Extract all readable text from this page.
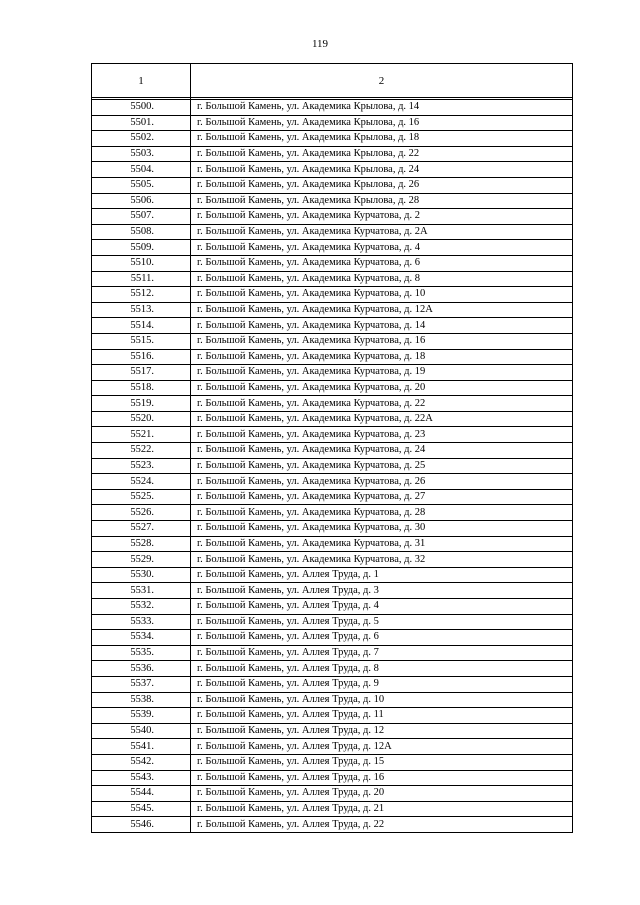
119
1	2

5500.	г. Большой Камень, ул. Академика Крылова, д. 14
5501.	г. Большой Камень, ул. Академика Крылова, д. 16
5502.	г. Большой Камень, ул. Академика Крылова, д. 18
5503.	г. Большой Камень, ул. Академика Крылова, д. 22
5504.	г. Большой Камень, ул. Академика Крылова, д. 24
5505.	г. Большой Камень, ул. Академика Крылова, д. 26
5506.	г. Большой Камень, ул. Академика Крылова, д. 28
5507.	г. Большой Камень, ул. Академика Курчатова, д. 2
5508.	г. Большой Камень, ул. Академика Курчатова, д. 2А
5509.	г. Большой Камень, ул. Академика Курчатова, д. 4
5510.	г. Большой Камень, ул. Академика Курчатова, д. 6
5511.	г. Большой Камень, ул. Академика Курчатова, д. 8
5512.	г. Большой Камень, ул. Академика Курчатова, д. 10
5513.	г. Большой Камень, ул. Академика Курчатова, д. 12А
5514.	г. Большой Камень, ул. Академика Курчатова, д. 14
5515.	г. Большой Камень, ул. Академика Курчатова, д. 16
5516.	г. Большой Камень, ул. Академика Курчатова, д. 18
5517.	г. Большой Камень, ул. Академика Курчатова, д. 19
5518.	г. Большой Камень, ул. Академика Курчатова, д. 20
5519.	г. Большой Камень, ул. Академика Курчатова, д. 22
5520.	г. Большой Камень, ул. Академика Курчатова, д. 22А
5521.	г. Большой Камень, ул. Академика Курчатова, д. 23
5522.	г. Большой Камень, ул. Академика Курчатова, д. 24
5523.	г. Большой Камень, ул. Академика Курчатова, д. 25
5524.	г. Большой Камень, ул. Академика Курчатова, д. 26
5525.	г. Большой Камень, ул. Академика Курчатова, д. 27
5526.	г. Большой Камень, ул. Академика Курчатова, д. 28
5527.	г. Большой Камень, ул. Академика Курчатова, д. 30
5528.	г. Большой Камень, ул. Академика Курчатова, д. 31
5529.	г. Большой Камень, ул. Академика Курчатова, д. 32
5530.	г. Большой Камень, ул. Аллея Труда, д. 1
5531.	г. Большой Камень, ул. Аллея Труда, д. 3
5532.	г. Большой Камень, ул. Аллея Труда, д. 4
5533.	г. Большой Камень, ул. Аллея Труда, д. 5
5534.	г. Большой Камень, ул. Аллея Труда, д. 6
5535.	г. Большой Камень, ул. Аллея Труда, д. 7
5536.	г. Большой Камень, ул. Аллея Труда, д. 8
5537.	г. Большой Камень, ул. Аллея Труда, д. 9
5538.	г. Большой Камень, ул. Аллея Труда, д. 10
5539.	г. Большой Камень, ул. Аллея Труда, д. 11
5540.	г. Большой Камень, ул. Аллея Труда, д. 12
5541.	г. Большой Камень, ул. Аллея Труда, д. 12А
5542.	г. Большой Камень, ул. Аллея Труда, д. 15
5543.	г. Большой Камень, ул. Аллея Труда, д. 16
5544.	г. Большой Камень, ул. Аллея Труда, д. 20
5545.	г. Большой Камень, ул. Аллея Труда, д. 21
5546.	г. Большой Камень, ул. Аллея Труда, д. 22
